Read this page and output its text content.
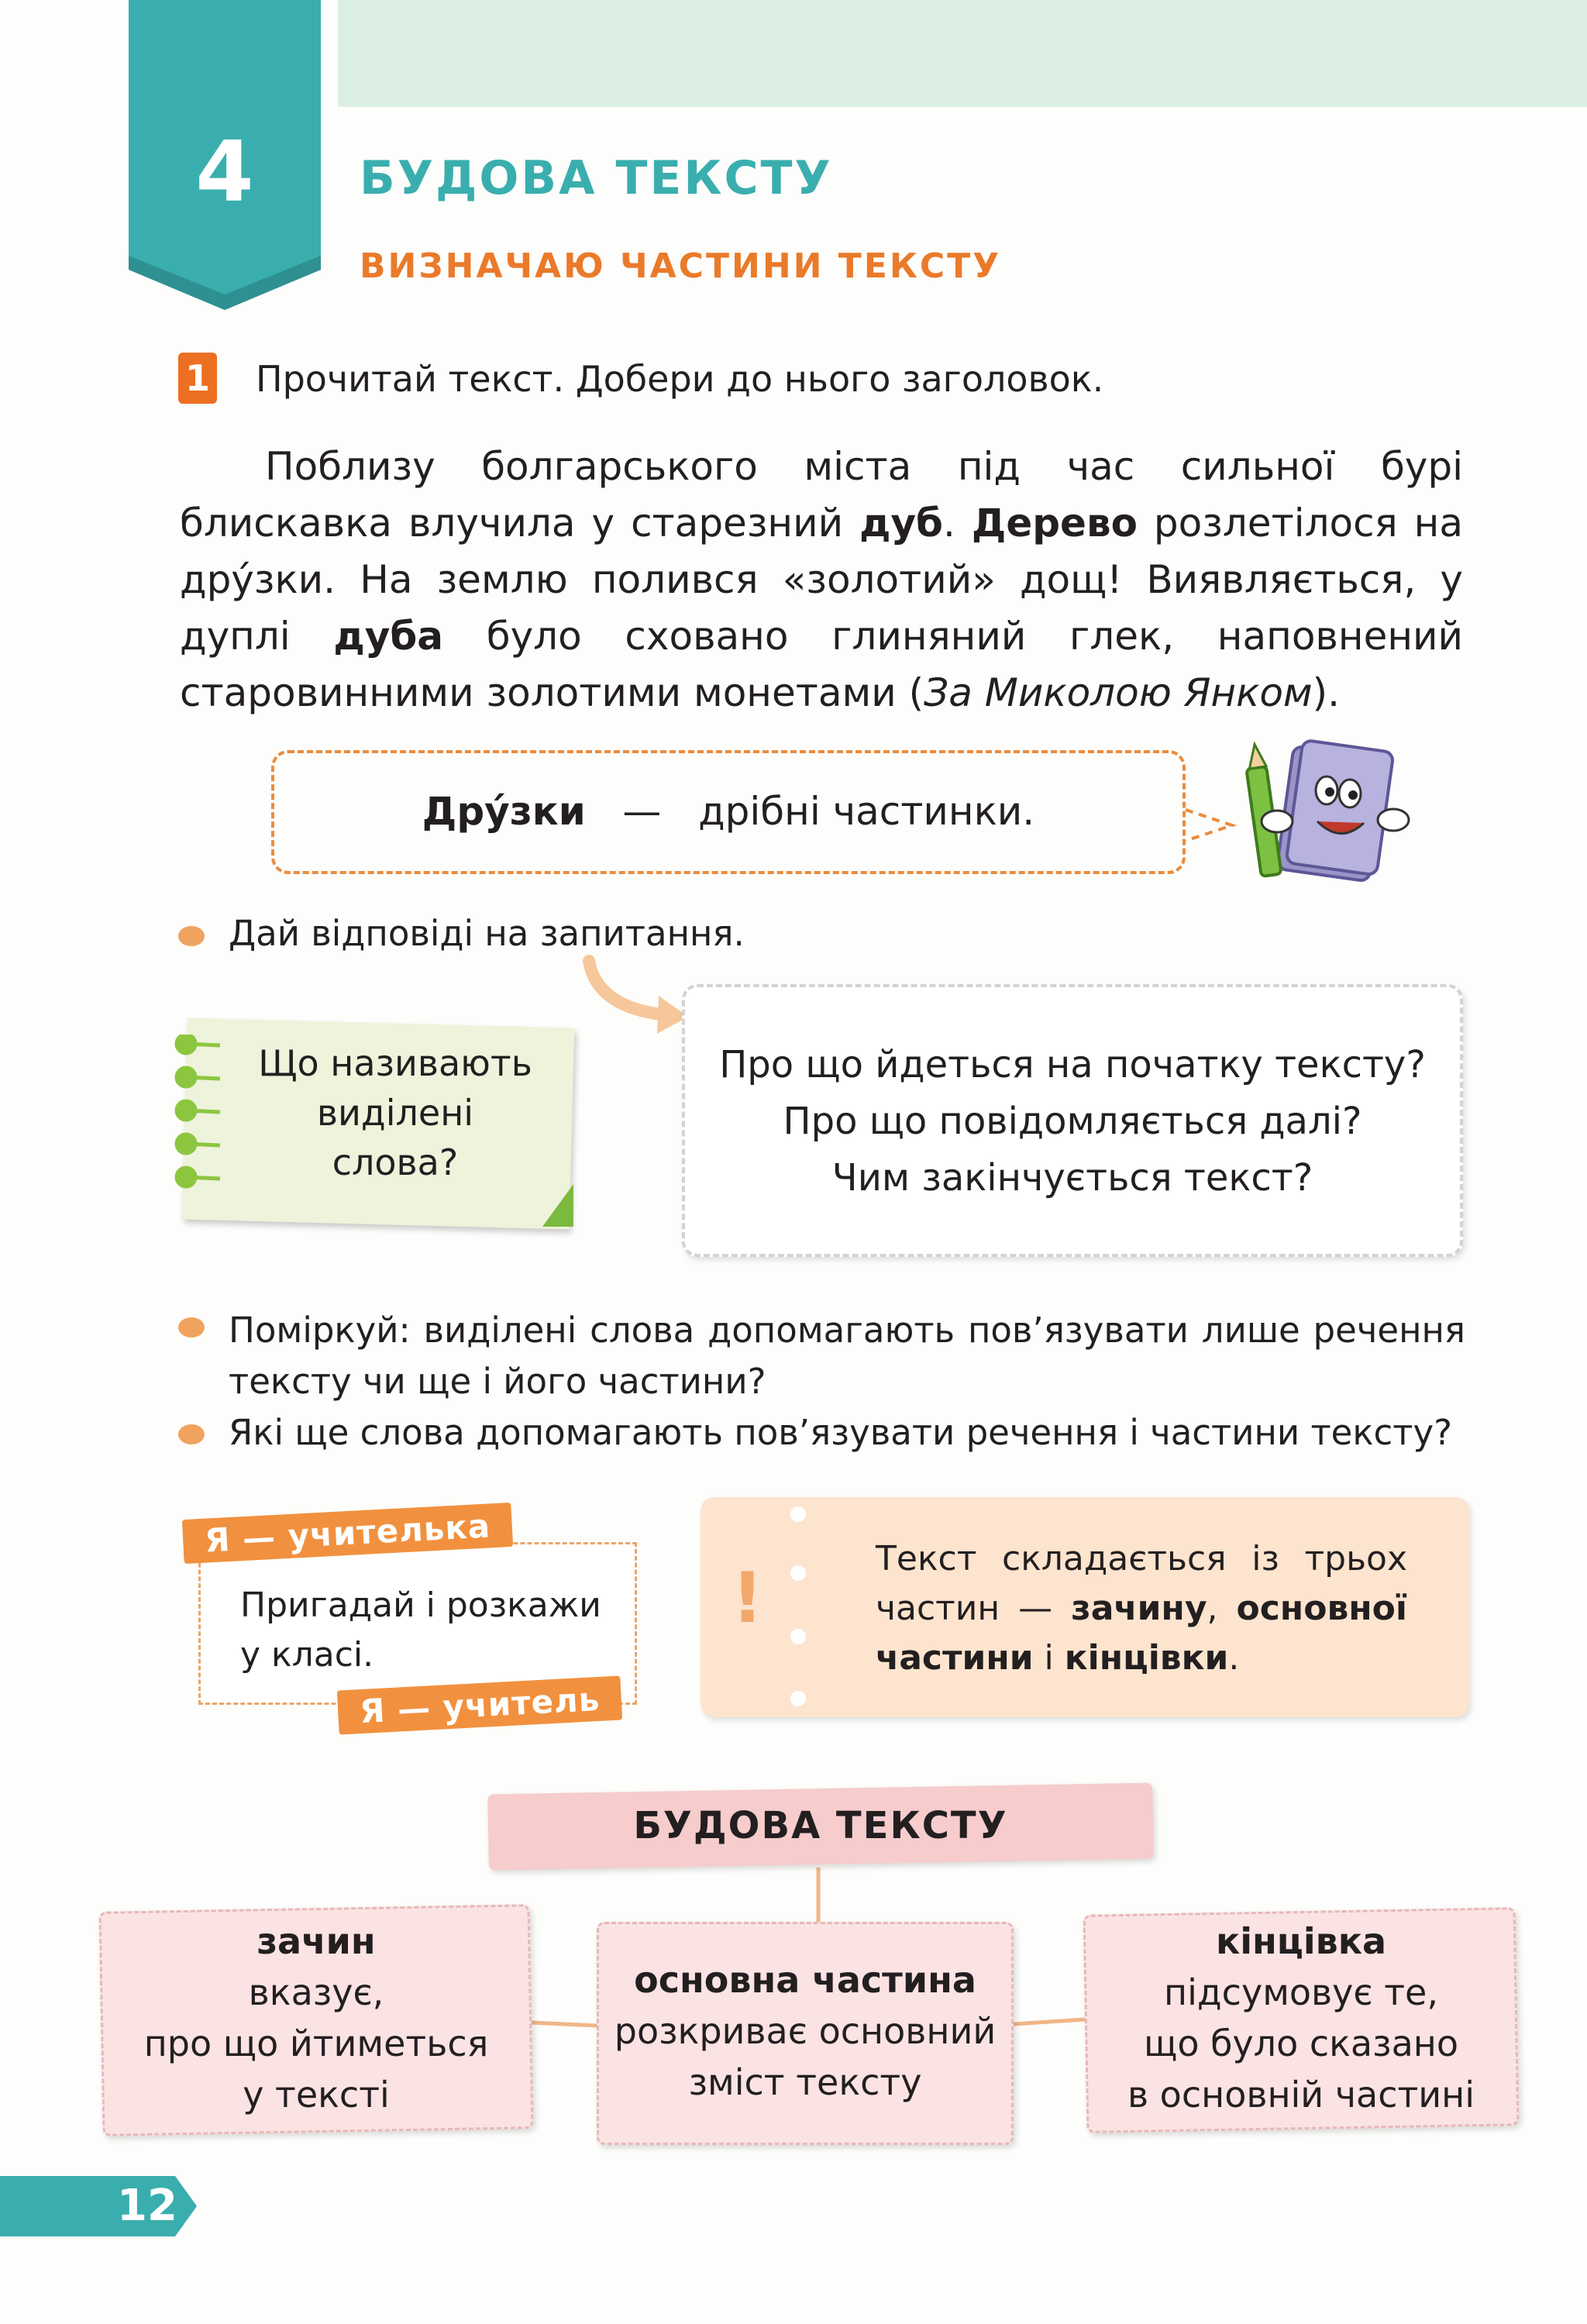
4	БУДОВА ТЕКСТУ
ВИЗНАЧАЮ ЧАСТИНИ ТЕКСТУ
1 Прочитай текст. Добери до нього заголовок.

Поблизу болгарського міста під час сильної бурі блискавка влучила у старезний дуб. Дерево розлетілося на дру́зки. На землю полився «золотий» дощ! Виявляється, у дуплі дуба було сховано глиняний глек, наповнений старовинними золотими монетами (За Миколою Янком).

Дру́зки — дрібні частинки.
Дай відповіді на запитання.
Що називають
виділені
слова?
Про що йдеться на початку тексту?
Про що повідомляється далі?
Чим закінчується текст?
Поміркуй: виділені слова допомагають пов’язувати лише речення тексту чи ще і його частини?
Які ще слова допомагають пов’язувати речення і частини тексту?
Пригадай і розкажи
у класі.
Я — учителька
Я — учитель
!	Текст складається із трьох
частин — зачину, основної
частини і кінцівки.
БУДОВА ТЕКСТУ
зачин
вказує,
про що йтиметься
у тексті
основна частина
розкриває основний
зміст тексту
кінцівка
підсумовує те,
що було сказано
в основній частині
12
